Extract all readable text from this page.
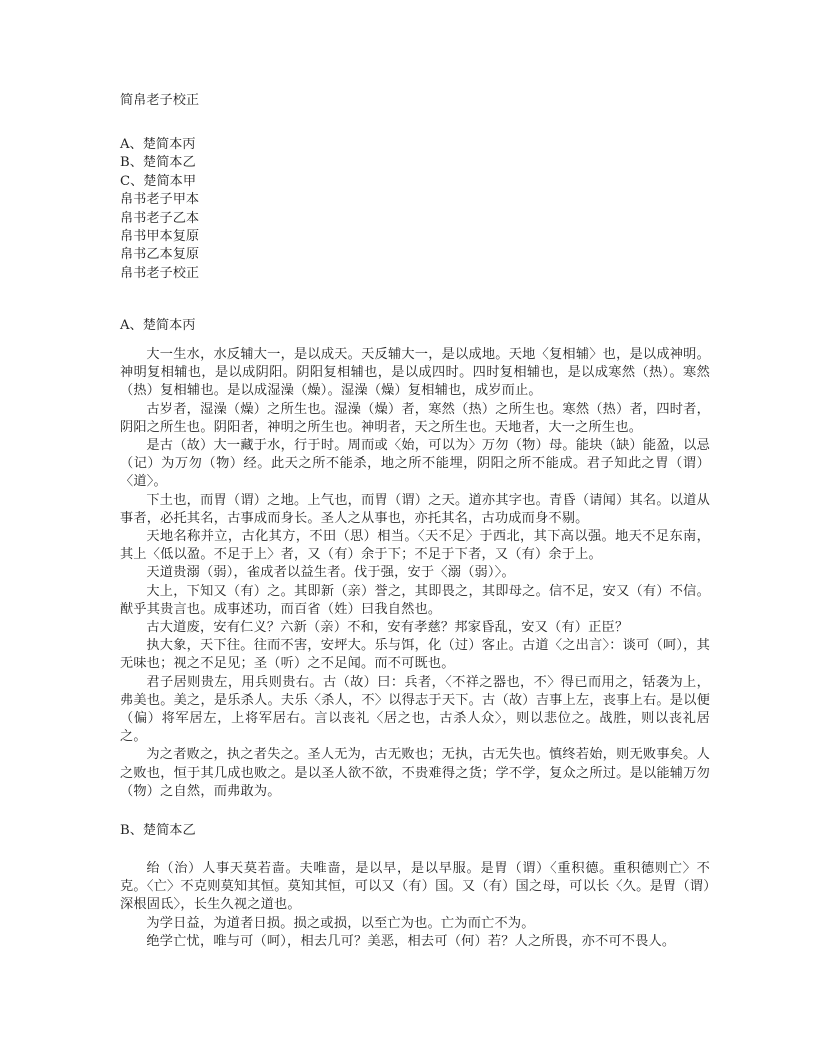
简帛老子校正
A、楚简本丙
B、楚简本乙
C、楚简本甲
帛书老子甲本
帛书老子乙本
帛书甲本复原
帛书乙本复原
帛书老子校正
A、楚简本丙

大一生水，水反辅大一，是以成天。天反辅大一，是以成地。天地〈复相辅〉也，是以成神明。神明复相辅也，是以成阴阳。阴阳复相辅也，是以成四时。四时复相辅也，是以成寒然（热）。寒然（热）复相辅也。是以成湿澡（燥）。湿澡（燥）复相辅也，成岁而止。

古岁者，湿澡（燥）之所生也。湿澡（燥）者，寒然（热）之所生也。寒然（热）者，四时者，阴阳之所生也。阴阳者，神明之所生也。神明者，天之所生也。天地者，大一之所生也。

是古（故）大一藏于水，行于时。周而或〈始，可以为〉万勿（物）母。能块（缺）能盈，以忌（记）为万勿（物）经。此天之所不能杀，地之所不能埋，阴阳之所不能成。君子知此之胃（谓）〈道〉。

下土也，而胃（谓）之地。上气也，而胃（谓）之天。道亦其字也。青昏（请闻）其名。以道从事者，必托其名，古事成而身长。圣人之从事也，亦托其名，古功成而身不剔。

天地名称并立，古化其方，不田（思）相当。〈天不足〉于西北，其下高以强。地天不足东南，其上〈低以盈。不足于上〉者，又（有）余于下；不足于下者，又（有）余于上。

天道贵溺（弱），雀成者以益生者。伐于强，安于〈溺（弱）〉。

大上，下知又（有）之。其即新（亲）誉之，其即畏之，其即母之。信不足，安又（有）不信。猷乎其贵言也。成事述功，而百省（姓）曰我自然也。

古大道废，安有仁义？六新（亲）不和，安有孝慈？邦家昏乱，安又（有）正臣？

执大象，天下往。往而不害，安坪大。乐与饵，化（过）客止。古道〈之出言〉：谈可（呵），其无味也；视之不足见；圣（听）之不足闻。而不可既也。

君子居则贵左，用兵则贵右。古（故）曰：兵者，〈不祥之器也，不〉得已而用之，铦袭为上，弗美也。美之，是乐杀人。夫乐〈杀人，不〉以得志于天下。古（故）吉事上左，丧事上右。是以便（偏）将军居左，上将军居右。言以丧礼〈居之也，古杀人众〉，则以悲位之。战胜，则以丧礼居之。

为之者败之，执之者失之。圣人无为，古无败也；无执，古无失也。慎终若始，则无败事矣。人之败也，恒于其几成也败之。是以圣人欲不欲，不贵难得之货；学不学，复众之所过。是以能辅万勿（物）之自然，而弗敢为。

B、楚简本乙

绐（治）人事天莫若啬。夫唯啬，是以早，是以早服。是胃（谓）〈重积德。重积德则亡〉不克。〈亡〉不克则莫知其恒。莫知其恒，可以又（有）国。又（有）国之母，可以长〈久。是胃（谓）深根固氐〉，长生久视之道也。

为学日益，为道者日损。损之或损，以至亡为也。亡为而亡不为。

绝学亡忧，唯与可（呵），相去几可？美恶，相去可（何）若？人之所畏，亦不可不畏人。
